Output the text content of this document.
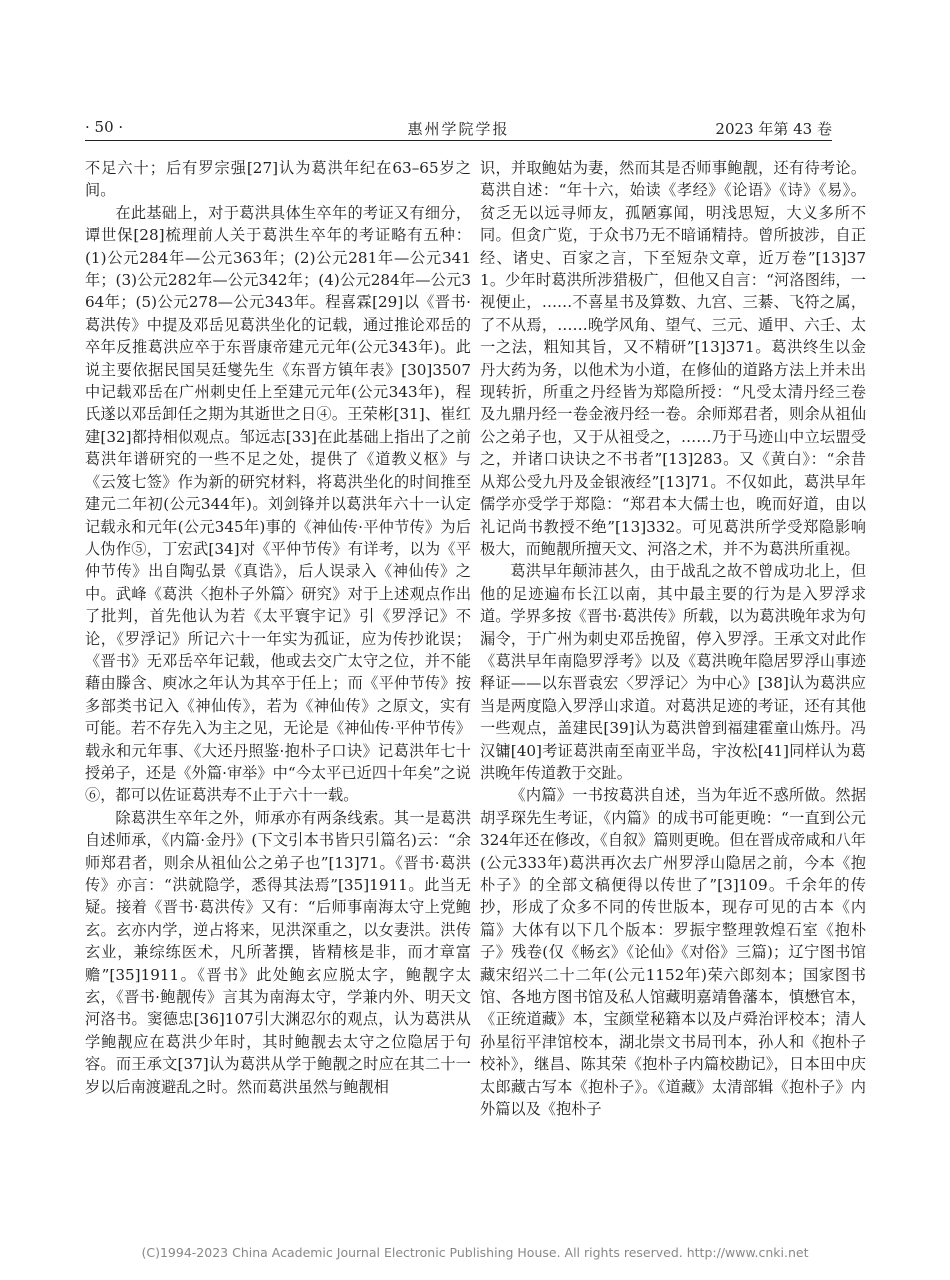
· 50 ·	惠州学院学报	2023 年第 43 卷

不足六十；后有罗宗强[27]认为葛洪年纪在63–65岁之间。

在此基础上，对于葛洪具体生卒年的考证又有细分，谭世保[28]梳理前人关于葛洪生卒年的考证略有五种：(1)公元284年—公元363年；(2)公元281年—公元341年；(3)公元282年—公元342年；(4)公元284年—公元364年；(5)公元278—公元343年。程喜霖[29]以《晋书·葛洪传》中提及邓岳见葛洪坐化的记载，通过推论邓岳的卒年反推葛洪应卒于东晋康帝建元元年(公元343年)。此说主要依据民国吴廷燮先生《东晋方镇年表》[30]3507中记载邓岳在广州刺史任上至建元元年(公元343年)，程氏遂以邓岳卸任之期为其逝世之日④。王荣彬[31]、崔红建[32]都持相似观点。邹远志[33]在此基础上指出了之前葛洪年谱研究的一些不足之处，提供了《道教义枢》与《云笈七签》作为新的研究材料，将葛洪坐化的时间推至建元二年初(公元344年)。刘剑锋并以葛洪年六十一认定记载永和元年(公元345年)事的《神仙传·平仲节传》为后人伪作⑤，丁宏武[34]对《平仲节传》有详考，以为《平仲节传》出自陶弘景《真诰》，后人误录入《神仙传》之中。武峰《葛洪〈抱朴子外篇〉研究》对于上述观点作出了批判，首先他认为若《太平寰宇记》引《罗浮记》不论，《罗浮记》所记六十一年实为孤证，应为传抄讹误；《晋书》无邓岳卒年记载，他或去交广太守之位，并不能藉由滕含、庾冰之年认为其卒于任上；而《平仲节传》按多部类书记入《神仙传》，若为《神仙传》之原文，实有可能。若不存先入为主之见，无论是《神仙传·平仲节传》载永和元年事、《大还丹照鉴·抱朴子口诀》记葛洪年七十授弟子，还是《外篇·审举》中“今太平已近四十年矣”之说⑥，都可以佐证葛洪寿不止于六十一载。

除葛洪生卒年之外，师承亦有两条线索。其一是葛洪自述师承，《内篇·金丹》(下文引本书皆只引篇名)云：“余师郑君者，则余从祖仙公之弟子也”[13]71。《晋书·葛洪传》亦言：“洪就隐学，悉得其法焉”[35]1911。此当无疑。接着《晋书·葛洪传》又有：“后师事南海太守上党鲍玄。玄亦内学，逆占将来，见洪深重之，以女妻洪。洪传玄业，兼综练医术，凡所著撰，皆精核是非，而才章富赡”[35]1911。《晋书》此处鲍玄应脱太字，鲍靓字太玄，《晋书·鲍靓传》言其为南海太守，学兼内外、明天文河洛书。窦德忠[36]107引大渊忍尔的观点，认为葛洪从学鲍靓应在葛洪少年时，其时鲍靓去太守之位隐居于句容。而王承文[37]认为葛洪从学于鲍靓之时应在其二十一岁以后南渡避乱之时。然而葛洪虽然与鲍靓相

识，并取鲍姑为妻，然而其是否师事鲍靓，还有待考论。葛洪自述：“年十六，始读《孝经》《论语》《诗》《易》。贫乏无以远寻师友，孤陋寡闻，明浅思短，大义多所不同。但贪广览，于众书乃无不暗诵精持。曾所披涉，自正经、诸史、百家之言，下至短杂文章，近万卷”[13]371。少年时葛洪所涉猎极广，但他又自言：“河洛图纬，一视便止，……不喜星书及算数、九宫、三綦、飞符之属，了不从焉，……晚学风角、望气、三元、遁甲、六壬、太一之法，粗知其旨，又不精研”[13]371。葛洪终生以金丹大药为务，以他术为小道，在修仙的道路方法上并未出现转折，所重之丹经皆为郑隐所授：“凡受太清丹经三卷及九鼎丹经一卷金液丹经一卷。余师郑君者，则余从祖仙公之弟子也，又于从祖受之，……乃于马迹山中立坛盟受之，并诸口诀诀之不书者”[13]283。又《黄白》：“余昔从郑公受九丹及金银液经”[13]71。不仅如此，葛洪早年儒学亦受学于郑隐：“郑君本大儒士也，晚而好道，由以礼记尚书教授不绝”[13]332。可见葛洪所学受郑隐影响极大，而鲍靓所擅天文、河洛之术，并不为葛洪所重视。

葛洪早年颠沛甚久，由于战乱之故不曾成功北上，但他的足迹遍布长江以南，其中最主要的行为是入罗浮求道。学界多按《晋书·葛洪传》所载，以为葛洪晚年求为句漏令，于广州为刺史邓岳挽留，停入罗浮。王承文对此作《葛洪早年南隐罗浮考》以及《葛洪晚年隐居罗浮山事迹释证——以东晋袁宏〈罗浮记〉为中心》[38]认为葛洪应当是两度隐入罗浮山求道。对葛洪足迹的考证，还有其他一些观点，盖建民[39]认为葛洪曾到福建霍童山炼丹。冯汉镛[40]考证葛洪南至南亚半岛，宇汝松[41]同样认为葛洪晚年传道教于交趾。

《内篇》一书按葛洪自述，当为年近不惑所做。然据胡孚琛先生考证，《内篇》的成书可能更晚：“一直到公元324年还在修改，《自叙》篇则更晚。但在晋成帝咸和八年(公元333年)葛洪再次去广州罗浮山隐居之前，今本《抱朴子》的全部文稿便得以传世了”[3]109。千余年的传抄，形成了众多不同的传世版本，现存可见的古本《内篇》大体有以下几个版本：罗振宇整理敦煌石室《抱朴子》残卷(仅《畅玄》《论仙》《对俗》三篇)；辽宁图书馆藏宋绍兴二十二年(公元1152年)荣六郎刻本；国家图书馆、各地方图书馆及私人馆藏明嘉靖鲁藩本，慎懋官本，《正统道藏》本，宝颜堂秘籍本以及卢舜治评校本；清人孙星衍平津馆校本，湖北崇文书局刊本，孙人和《抱朴子校补》，继昌、陈其荣《抱朴子内篇校勘记》，日本田中庆太郎藏古写本《抱朴子》。《道藏》太清部辑《抱朴子》内外篇以及《抱朴子

(C)1994-2023 China Academic Journal Electronic Publishing House. All rights reserved. http://www.cnki.net
